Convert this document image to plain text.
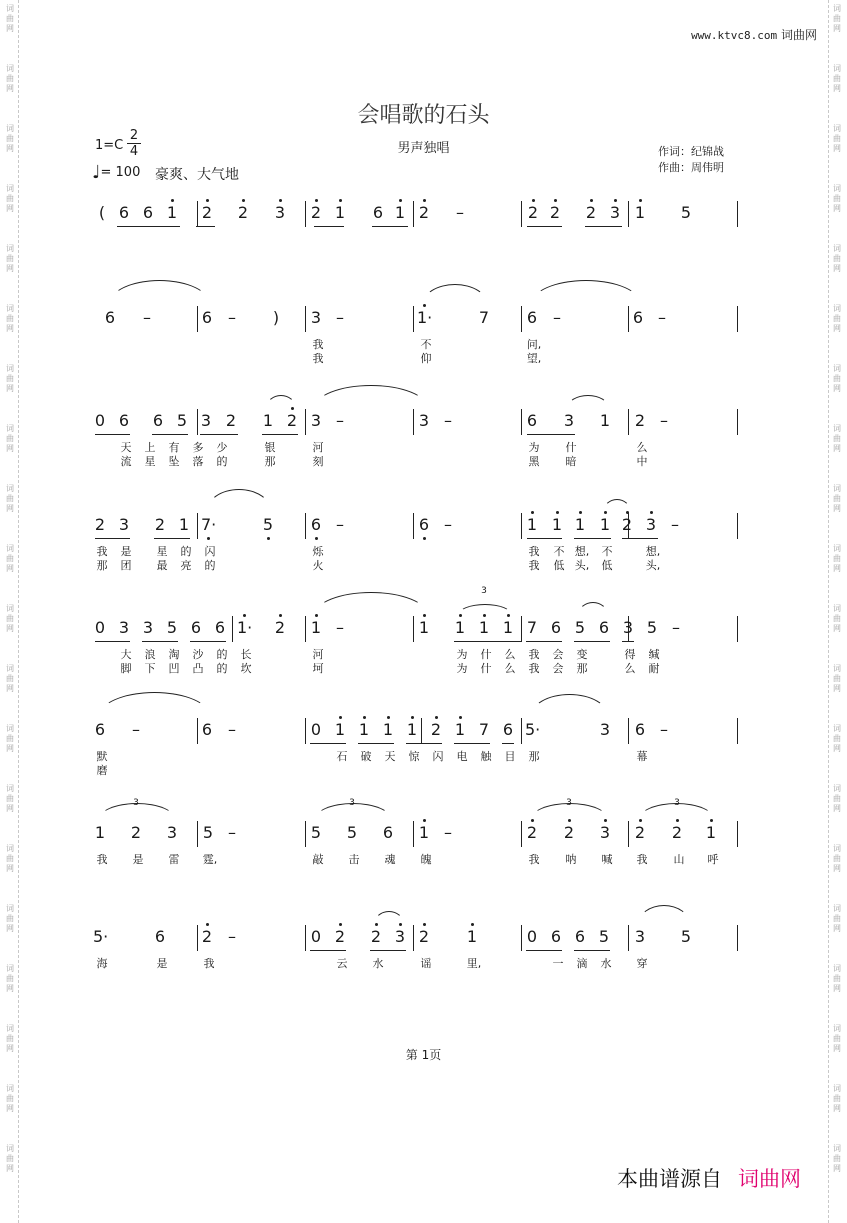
词
曲
网
词
曲
网
词
曲
网
词
曲
网
词
曲
网
词
曲
网
词
曲
网
词
曲
网
词
曲
网
词
曲
网
词
曲
网
词
曲
网
词
曲
网
词
曲
网
词
曲
网
词
曲
网
词
曲
网
词
曲
网
词
曲
网
词
曲
网
词
曲
网
词
曲
网
词
曲
网
词
曲
网
词
曲
网
词
曲
网
词
曲
网
词
曲
网
词
曲
网
词
曲
网
词
曲
网
词
曲
网
词
曲
网
词
曲
网
词
曲
网
词
曲
网
词
曲
网
词
曲
网
词
曲
网
词
曲
网
www.ktvc8.com 词曲网
会唱歌的石头
男声独唱
$1=C \frac{2}{4}$
♩= 100 豪爽、大气地
作词：纪锦战
作曲：周伟明
( 6 6 1 2 2 3 2 1 6 1 2 –	2 2 2 3 1 5
6 –	6 – ) 3 –	1·	7 6 –	6 –
我	不	问,
我	仰	望,
0 6 6 5 3 2 1 2 3 –	3 –	6 3 1 2 –
天 上 有 多 少	银	河	为 什	么
流 星 坠 落 的	那	刻	黑 暗	中
2 3 2 1 7·	5 6 –	6 –	1 1 1 1 2 3 –
我 是 星 的 闪	烁	我 不 想, 不	想,
那 团 最 亮 的	火	我 低 头, 低	头,
0 3 3 5 6 6 1·	2 1 –	1 1 1 1 7 6 5 6 3 5 –
大 浪 淘 沙 的 长	河	为 什 么 我 会 变	得 缄
脚 下 凹 凸 的 坎	坷	为 什 么 我 会 那	么 耐
3
6 –	6 –	0 1 1 1 1 2 1 7 6 5·	3 6 –
默	石 破 天 惊 闪 电 触 目 那	幕
磨
1 2 3 5 –	5 5 6 1 –	2 2 3 2 2 1
我 是 雷 霆,	敲 击 魂 魄	我 呐 喊 我 山 呼
3	3	3	3
5·	6 2 –	0 2 2 3 2 1	0 6 6 5 3 5
海	是	我	云 水	谣	里,	一 滴 水 穿
第 1页
本曲谱源自 词曲网
